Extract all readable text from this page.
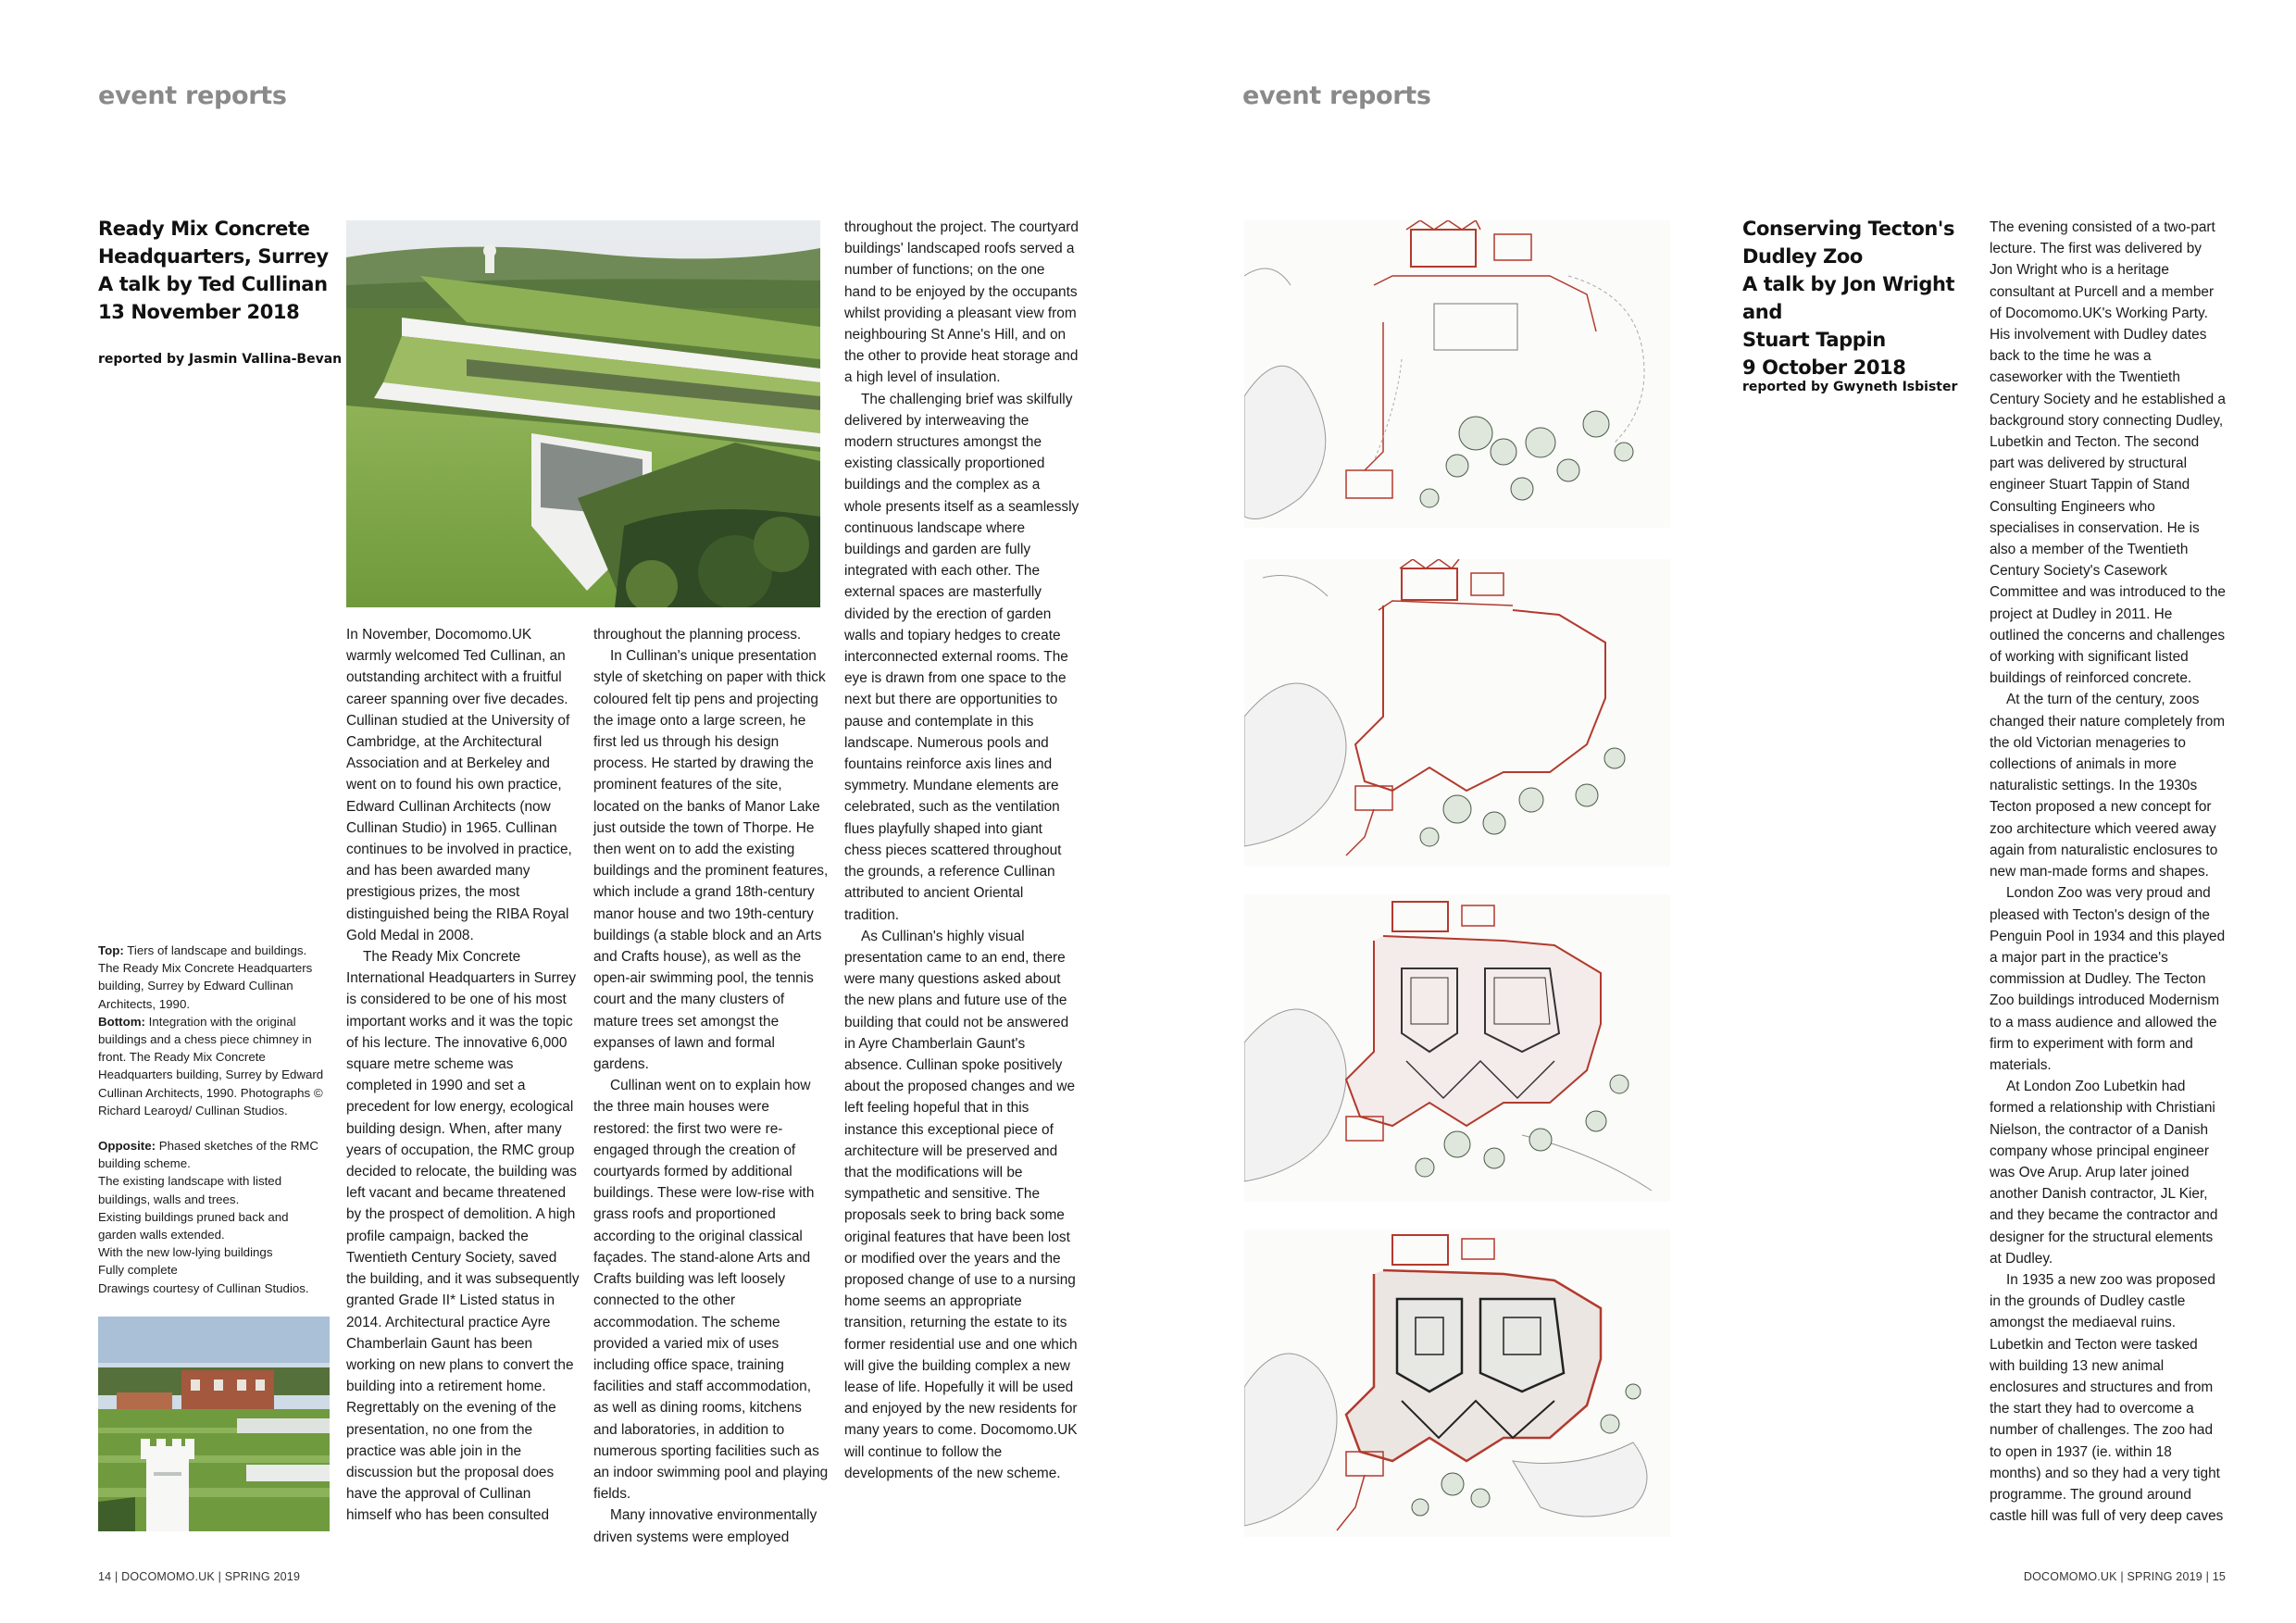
event reports
Ready Mix Concrete
Headquarters, Surrey
A talk by Ted Cullinan
13 November 2018
reported by Jasmin Vallina-Bevan

Top: Tiers of landscape and buildings. The Ready Mix Concrete Headquarters building, Surrey by Edward Cullinan Architects, 1990.

Bottom: Integration with the original buildings and a chess piece chimney in front. The Ready Mix Concrete Headquarters building, Surrey by Edward Cullinan Architects, 1990. Photographs © Richard Learoyd/ Cullinan Studios.

Opposite: Phased sketches of the RMC building scheme.

The existing landscape with listed buildings, walls and trees.

Existing buildings pruned back and garden walls extended.

With the new low-lying buildings

Fully complete

Drawings courtesy of Cullinan Studios.

In November, Docomomo.UK warmly welcomed Ted Cullinan, an outstanding architect with a fruitful career spanning over five decades. Cullinan studied at the University of Cambridge, at the Architectural Association and at Berkeley and went on to found his own practice, Edward Cullinan Architects (now Cullinan Studio) in 1965. Cullinan continues to be involved in practice, and has been awarded many prestigious prizes, the most distinguished being the RIBA Royal Gold Medal in 2008.

The Ready Mix Concrete International Headquarters in Surrey is considered to be one of his most important works and it was the topic of his lecture. The innovative 6,000 square metre scheme was completed in 1990 and set a precedent for low energy, ecological building design. When, after many years of occupation, the RMC group decided to relocate, the building was left vacant and became threatened by the prospect of demolition. A high profile campaign, backed the Twentieth Century Society, saved the building, and it was subsequently granted Grade II* Listed status in 2014. Architectural practice Ayre Chamberlain Gaunt has been working on new plans to convert the building into a retirement home. Regrettably on the evening of the presentation, no one from the practice was able join in the discussion but the proposal does have the approval of Cullinan himself who has been consulted

throughout the planning process.

In Cullinan's unique presentation style of sketching on paper with thick coloured felt tip pens and projecting the image onto a large screen, he first led us through his design process. He started by drawing the prominent features of the site, located on the banks of Manor Lake just outside the town of Thorpe. He then went on to add the existing buildings and the prominent features, which include a grand 18th-century manor house and two 19th-century buildings (a stable block and an Arts and Crafts house), as well as the open-air swimming pool, the tennis court and the many clusters of mature trees set amongst the expanses of lawn and formal gardens.

Cullinan went on to explain how the three main houses were restored: the first two were re-engaged through the creation of courtyards formed by additional buildings. These were low-rise with grass roofs and proportioned according to the original classical façades. The stand-alone Arts and Crafts building was left loosely connected to the other accommodation. The scheme provided a varied mix of uses including office space, training facilities and staff accommodation, as well as dining rooms, kitchens and laboratories, in addition to numerous sporting facilities such as an indoor swimming pool and playing fields.

Many innovative environmentally driven systems were employed

throughout the project. The courtyard buildings' landscaped roofs served a number of functions; on the one hand to be enjoyed by the occupants whilst providing a pleasant view from neighbouring St Anne's Hill, and on the other to provide heat storage and a high level of insulation.

The challenging brief was skilfully delivered by interweaving the modern structures amongst the existing classically proportioned buildings and the complex as a whole presents itself as a seamlessly continuous landscape where buildings and garden are fully integrated with each other. The external spaces are masterfully divided by the erection of garden walls and topiary hedges to create interconnected external rooms. The eye is drawn from one space to the next but there are opportunities to pause and contemplate in this landscape. Numerous pools and fountains reinforce axis lines and symmetry. Mundane elements are celebrated, such as the ventilation flues playfully shaped into giant chess pieces scattered throughout the grounds, a reference Cullinan attributed to ancient Oriental tradition.

As Cullinan's highly visual presentation came to an end, there were many questions asked about the new plans and future use of the building that could not be answered in Ayre Chamberlain Gaunt's absence. Cullinan spoke positively about the proposed changes and we left feeling hopeful that in this instance this exceptional piece of architecture will be preserved and that the modifications will be sympathetic and sensitive. The proposals seek to bring back some original features that have been lost or modified over the years and the proposed change of use to a nursing home seems an appropriate transition, returning the estate to its former residential use and one which will give the building complex a new lease of life. Hopefully it will be used and enjoyed by the new residents for many years to come. Docomomo.UK will continue to follow the developments of the new scheme.

14 | DOCOMOMO.UK | SPRING 2019
event reports
Conserving Tecton's
Dudley Zoo
A talk by Jon Wright and
Stuart Tappin
9 October 2018
reported by Gwyneth Isbister

The evening consisted of a two-part lecture. The first was delivered by Jon Wright who is a heritage consultant at Purcell and a member of Docomomo.UK's Working Party. His involvement with Dudley dates back to the time he was a caseworker with the Twentieth Century Society and he established a background story connecting Dudley, Lubetkin and Tecton. The second part was delivered by structural engineer Stuart Tappin of Stand Consulting Engineers who specialises in conservation. He is also a member of the Twentieth Century Society's Casework Committee and was introduced to the project at Dudley in 2011. He outlined the concerns and challenges of working with significant listed buildings of reinforced concrete.

At the turn of the century, zoos changed their nature completely from the old Victorian menageries to collections of animals in more naturalistic settings. In the 1930s Tecton proposed a new concept for zoo architecture which veered away again from naturalistic enclosures to new man-made forms and shapes.

London Zoo was very proud and pleased with Tecton's design of the Penguin Pool in 1934 and this played a major part in the practice's commission at Dudley. The Tecton Zoo buildings introduced Modernism to a mass audience and allowed the firm to experiment with form and materials.

At London Zoo Lubetkin had formed a relationship with Christiani Nielson, the contractor of a Danish company whose principal engineer was Ove Arup. Arup later joined another Danish contractor, JL Kier, and they became the contractor and designer for the structural elements at Dudley.

In 1935 a new zoo was proposed in the grounds of Dudley castle amongst the mediaeval ruins. Lubetkin and Tecton were tasked with building 13 new animal enclosures and structures and from the start they had to overcome a number of challenges. The zoo had to open in 1937 (ie. within 18 months) and so they had a very tight programme. The ground around castle hill was full of very deep caves

DOCOMOMO.UK | SPRING 2019 | 15
